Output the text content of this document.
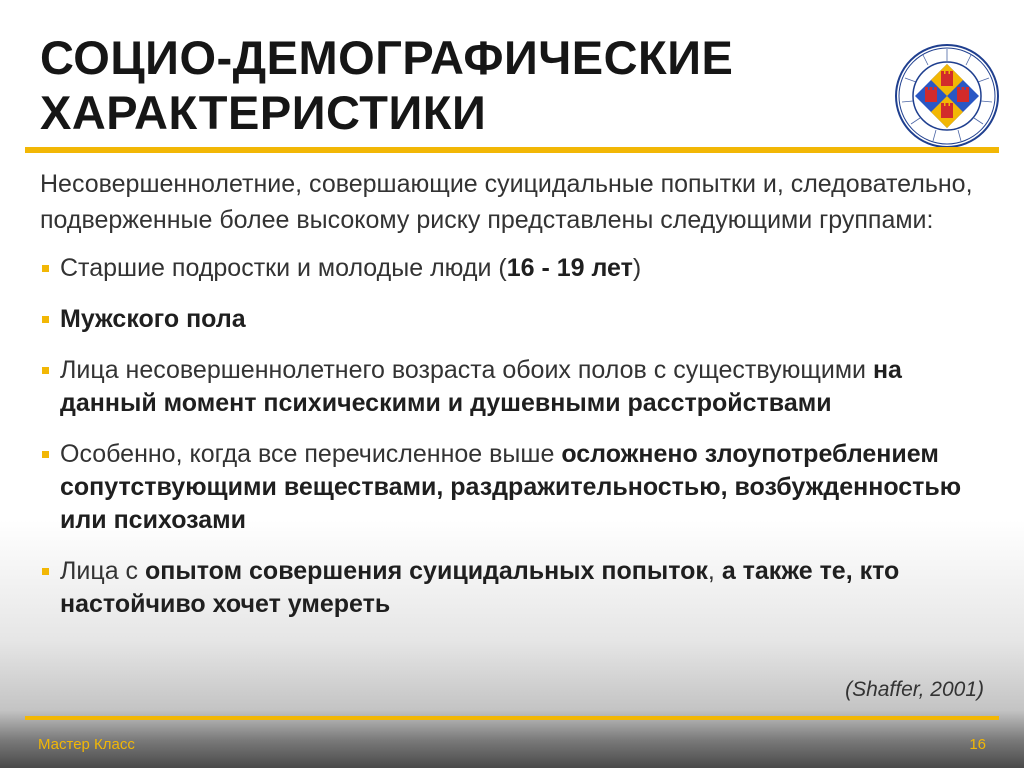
СОЦИО-ДЕМОГРАФИЧЕСКИЕ
ХАРАКТЕРИСТИКИ

Несовершеннолетние, совершающие суицидальные попытки и, следовательно, подверженные более высокому риску представлены следующими группами:

Старшие подростки и молодые люди (16 - 19 лет)
Мужского пола
Лица несовершеннолетнего возраста обоих полов с существующими на данный момент психическими и душевными расстройствами
Особенно, когда все перечисленное выше осложнено злоупотреблением сопутствующими веществами, раздражительностью, возбужденностью или психозами
Лица с опытом совершения суицидальных попыток, а также те, кто настойчиво хочет умереть
(Shaffer, 2001)
Мастер Класс	16
